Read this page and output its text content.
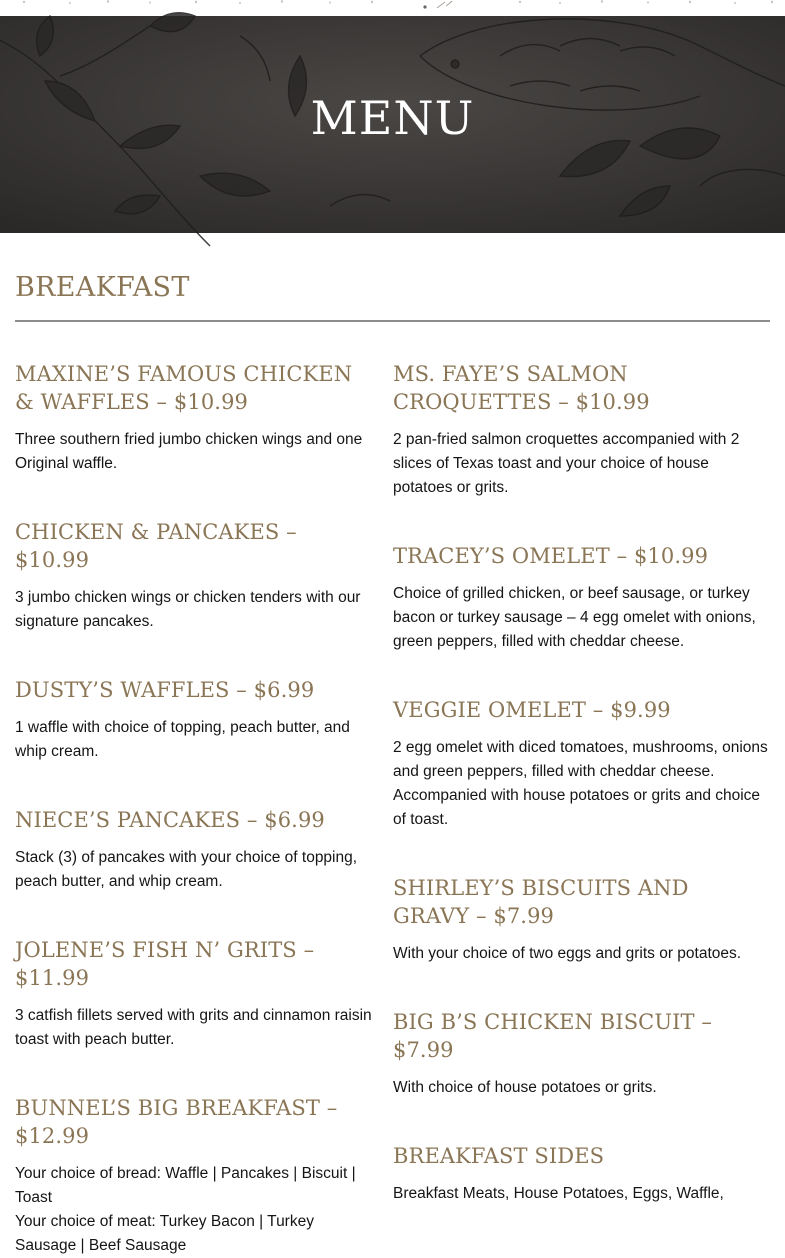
MENU
BREAKFAST
MAXINE’S FAMOUS CHICKEN & WAFFLES – $10.99

Three southern fried jumbo chicken wings and one Original waffle.

CHICKEN & PANCAKES – $10.99

3 jumbo chicken wings or chicken tenders with our signature pancakes.

DUSTY’S WAFFLES – $6.99

1 waffle with choice of topping, peach butter, and whip cream.

NIECE’S PANCAKES – $6.99

Stack (3) of pancakes with your choice of topping, peach butter, and whip cream.

JOLENE’S FISH N’ GRITS – $11.99

3 catfish fillets served with grits and cinnamon raisin toast with peach butter.

BUNNEL’S BIG BREAKFAST – $12.99

Your choice of bread: Waffle | Pancakes | Biscuit | Toast

Your choice of meat: Turkey Bacon | Turkey Sausage | Beef Sausage

MS. FAYE’S SALMON CROQUETTES – $10.99

2 pan-fried salmon croquettes accompanied with 2 slices of Texas toast and your choice of house potatoes or grits.

TRACEY’S OMELET – $10.99

Choice of grilled chicken, or beef sausage, or turkey bacon or turkey sausage – 4 egg omelet with onions, green peppers, filled with cheddar cheese.

VEGGIE OMELET – $9.99

2 egg omelet with diced tomatoes, mushrooms, onions and green peppers, filled with cheddar cheese. Accompanied with house potatoes or grits and choice of toast.

SHIRLEY’S BISCUITS AND GRAVY – $7.99

With your choice of two eggs and grits or potatoes.

BIG B’S CHICKEN BISCUIT – $7.99

With choice of house potatoes or grits.

BREAKFAST SIDES

Breakfast Meats, House Potatoes, Eggs, Waffle,
